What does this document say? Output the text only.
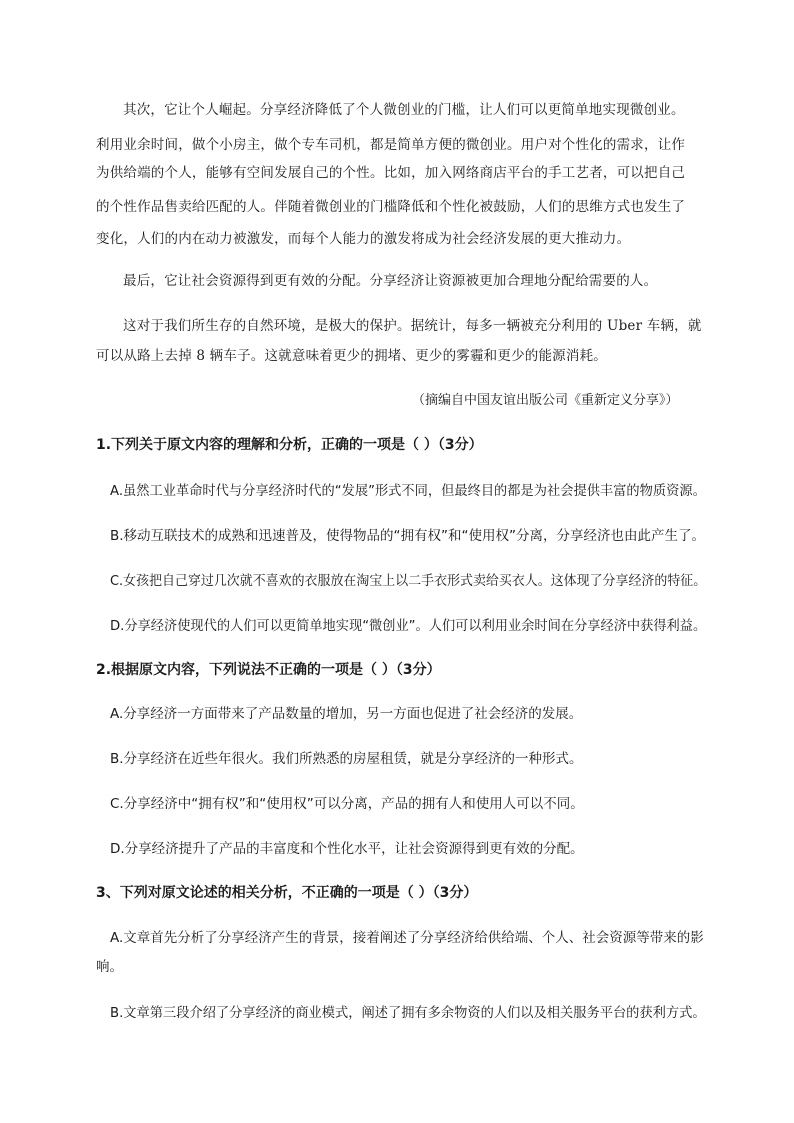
其次，它让个人崛起。分享经济降低了个人微创业的门槛，让人们可以更简单地实现微创业。
利用业余时间，做个小房主，做个专车司机，都是简单方便的微创业。用户对个性化的需求，让作
为供给端的个人，能够有空间发展自己的个性。比如，加入网络商店平台的手工艺者，可以把自己
的个性作品售卖给匹配的人。伴随着微创业的门槛降低和个性化被鼓励，人们的思维方式也发生了
变化，人们的内在动力被激发，而每个人能力的激发将成为社会经济发展的更大推动力。
最后，它让社会资源得到更有效的分配。分享经济让资源被更加合理地分配给需要的人。
这对于我们所生存的自然环境，是极大的保护。据统计，每多一辆被充分利用的 Uber 车辆，就
可以从路上去掉 8 辆车子。这就意味着更少的拥堵、更少的雾霾和更少的能源消耗。
（摘编自中国友谊出版公司《重新定义分享》）
1.下列关于原文内容的理解和分析，正确的一项是（ ）（3分）
A.虽然工业革命时代与分享经济时代的“发展”形式不同，但最终目的都是为社会提供丰富的物质资源。
B.移动互联技术的成熟和迅速普及，使得物品的“拥有权”和“使用权”分离，分享经济也由此产生了。
C.女孩把自己穿过几次就不喜欢的衣服放在淘宝上以二手衣形式卖给买衣人。这体现了分享经济的特征。
D.分享经济使现代的人们可以更简单地实现“微创业”。人们可以利用业余时间在分享经济中获得利益。
2.根据原文内容，下列说法不正确的一项是（ ）（3分）
A.分享经济一方面带来了产品数量的增加，另一方面也促进了社会经济的发展。
B.分享经济在近些年很火。我们所熟悉的房屋租赁，就是分享经济的一种形式。
C.分享经济中“拥有权”和“使用权”可以分离，产品的拥有人和使用人可以不同。
D.分享经济提升了产品的丰富度和个性化水平，让社会资源得到更有效的分配。
3、下列对原文论述的相关分析，不正确的一项是（ ）（3分）
A.文章首先分析了分享经济产生的背景，接着阐述了分享经济给供给端、个人、社会资源等带来的影
响。
B.文章第三段介绍了分享经济的商业模式，阐述了拥有多余物资的人们以及相关服务平台的获利方式。
